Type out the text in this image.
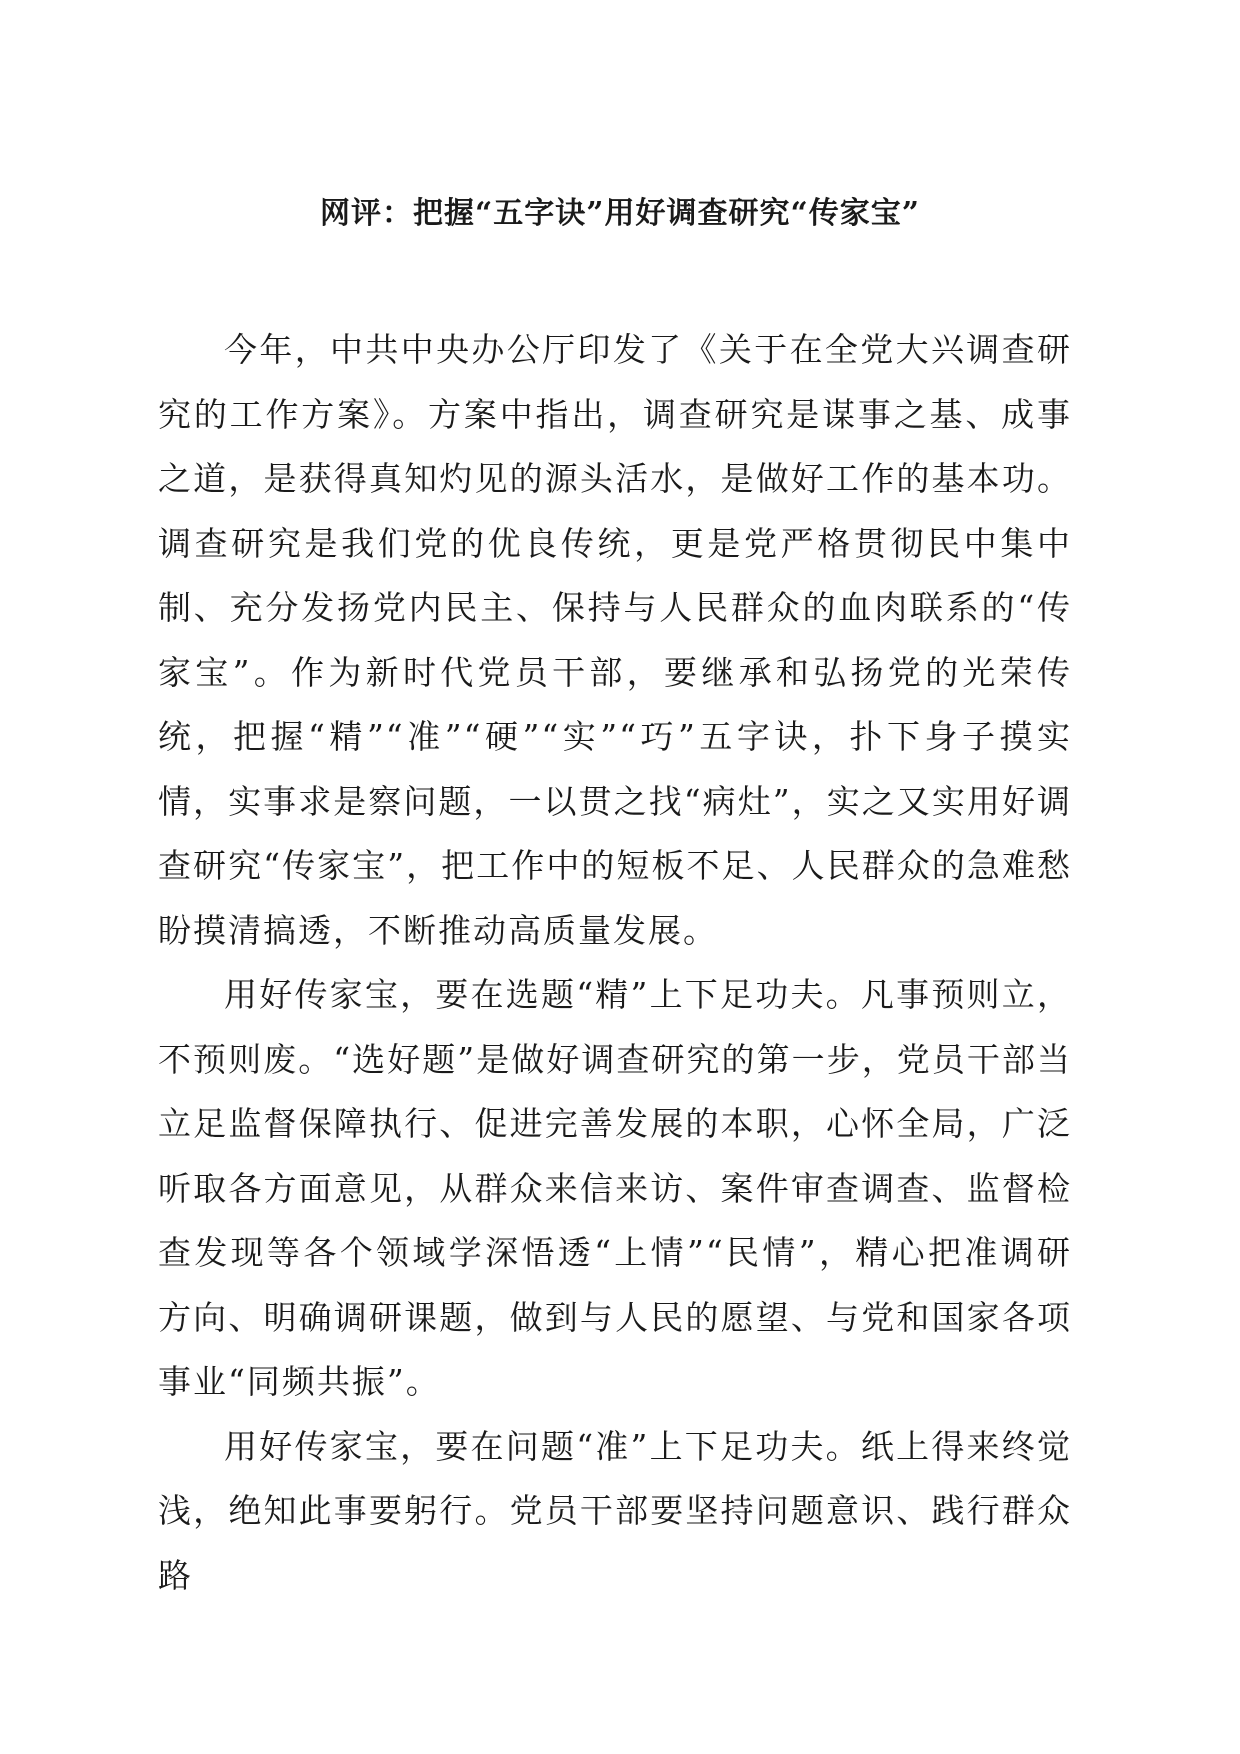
网评：把握“五字诀”用好调查研究“传家宝”

今年，中共中央办公厅印发了《关于在全党大兴调查研究的工作方案》。方案中指出，调查研究是谋事之基、成事之道，是获得真知灼见的源头活水，是做好工作的基本功。调查研究是我们党的优良传统，更是党严格贯彻民中集中制、充分发扬党内民主、保持与人民群众的血肉联系的“传家宝”。作为新时代党员干部，要继承和弘扬党的光荣传统，把握“精”“准”“硬”“实”“巧”五字诀，扑下身子摸实情，实事求是察问题，一以贯之找“病灶”，实之又实用好调查研究“传家宝”，把工作中的短板不足、人民群众的急难愁盼摸清搞透，不断推动高质量发展。

用好传家宝，要在选题“精”上下足功夫。凡事预则立，不预则废。“选好题”是做好调查研究的第一步，党员干部当立足监督保障执行、促进完善发展的本职，心怀全局，广泛听取各方面意见，从群众来信来访、案件审查调查、监督检查发现等各个领域学深悟透“上情”“民情”，精心把准调研方向、明确调研课题，做到与人民的愿望、与党和国家各项事业“同频共振”。

用好传家宝，要在问题“准”上下足功夫。纸上得来终觉浅，绝知此事要躬行。党员干部要坚持问题意识、践行群众路
